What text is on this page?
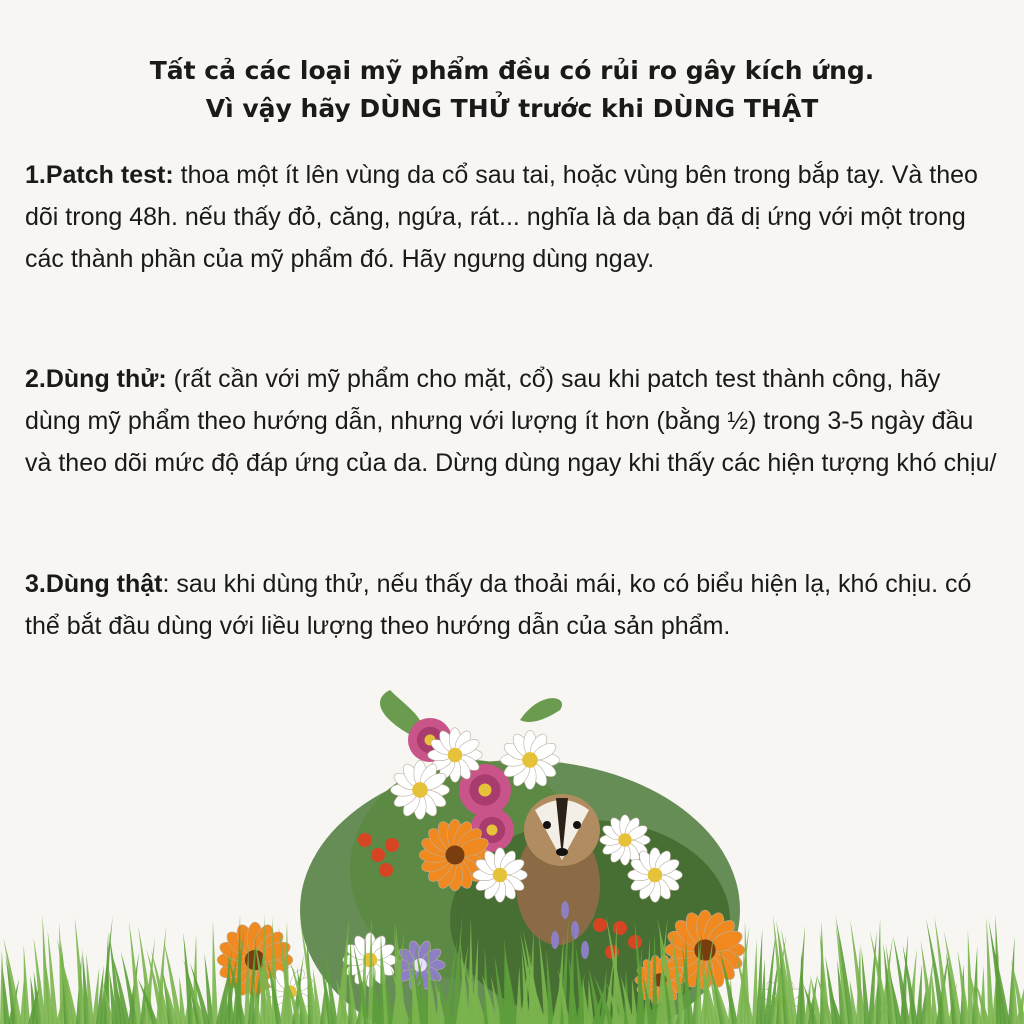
Tất cả các loại mỹ phẩm đều có rủi ro gây kích ứng.
Vì vậy hãy DÙNG THỬ trước khi DÙNG THẬT

1.Patch test: thoa một ít lên vùng da cổ sau tai, hoặc vùng bên trong bắp tay. Và theo dõi trong 48h. nếu thấy đỏ, căng, ngứa, rát... nghĩa là da bạn đã dị ứng với một trong các thành phần của mỹ phẩm đó. Hãy ngưng dùng ngay.

2.Dùng thử: (rất cần với mỹ phẩm cho mặt, cổ) sau khi patch test thành công, hãy dùng mỹ phẩm theo hướng dẫn, nhưng với lượng ít hơn (bằng ½) trong 3-5 ngày đầu và theo dõi mức độ đáp ứng của da. Dừng dùng ngay khi thấy các hiện tượng khó chịu/

3.Dùng thật: sau khi dùng thử, nếu thấy da thoải mái, ko có biểu hiện lạ, khó chịu. có thể bắt đầu dùng với liều lượng theo hướng dẫn của sản phẩm.
